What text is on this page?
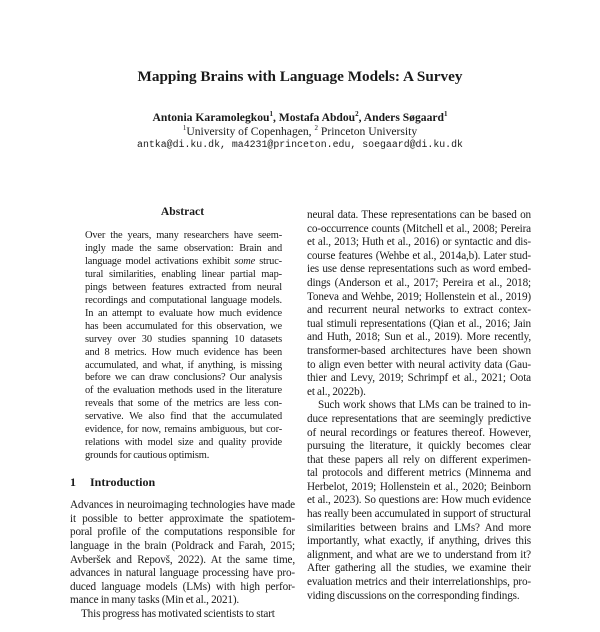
Mapping Brains with Language Models: A Survey
Antonia Karamolegkou$^1$, Mostafa Abdou$^2$, Anders Søgaard$^1$
$^1$University of Copenhagen, $^2$ Princeton University
antka@di.ku.dk, ma4231@princeton.edu, soegaard@di.ku.dk
Abstract
Over the years, many researchers have seem-
ingly made the same observation: Brain and
language model activations exhibit some struc-
tural similarities, enabling linear partial map-
pings between features extracted from neural
recordings and computational language models.
In an attempt to evaluate how much evidence
has been accumulated for this observation, we
survey over 30 studies spanning 10 datasets
and 8 metrics. How much evidence has been
accumulated, and what, if anything, is missing
before we can draw conclusions? Our analysis
of the evaluation methods used in the literature
reveals that some of the metrics are less con-
servative. We also find that the accumulated
evidence, for now, remains ambiguous, but cor-
relations with model size and quality provide
grounds for cautious optimism.
1 Introduction
Advances in neuroimaging technologies have made
it possible to better approximate the spatiotem-
poral profile of the computations responsible for
language in the brain (Poldrack and Farah, 2015;
Avberšek and Repovš, 2022). At the same time,
advances in natural language processing have pro-
duced language models (LMs) with high perfor-
mance in many tasks (Min et al., 2021).
This progress has motivated scientists to start
neural data. These representations can be based on
co-occurrence counts (Mitchell et al., 2008; Pereira
et al., 2013; Huth et al., 2016) or syntactic and dis-
course features (Wehbe et al., 2014a,b). Later stud-
ies use dense representations such as word embed-
dings (Anderson et al., 2017; Pereira et al., 2018;
Toneva and Wehbe, 2019; Hollenstein et al., 2019)
and recurrent neural networks to extract contex-
tual stimuli representations (Qian et al., 2016; Jain
and Huth, 2018; Sun et al., 2019). More recently,
transformer-based architectures have been shown
to align even better with neural activity data (Gau-
thier and Levy, 2019; Schrimpf et al., 2021; Oota
et al., 2022b).
Such work shows that LMs can be trained to in-
duce representations that are seemingly predictive
of neural recordings or features thereof. However,
pursuing the literature, it quickly becomes clear
that these papers all rely on different experimen-
tal protocols and different metrics (Minnema and
Herbelot, 2019; Hollenstein et al., 2020; Beinborn
et al., 2023). So questions are: How much evidence
has really been accumulated in support of structural
similarities between brains and LMs? And more
importantly, what exactly, if anything, drives this
alignment, and what are we to understand from it?
After gathering all the studies, we examine their
evaluation metrics and their interrelationships, pro-
viding discussions on the corresponding findings.
